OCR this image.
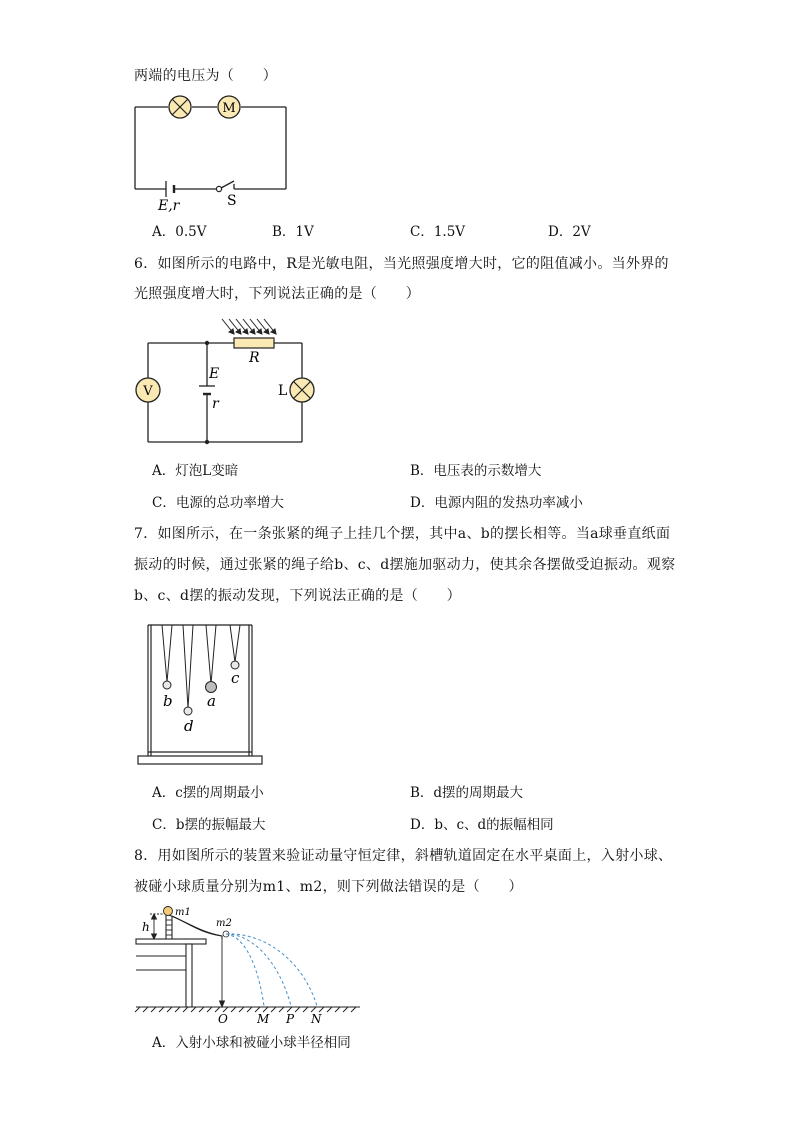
两端的电压为（　　）
M
E,r	S
A．0.5V	B．1V	C．1.5V	D．2V
6．如图所示的电路中，R是光敏电阻，当光照强度增大时，它的阻值减小。当外界的
光照强度增大时，下列说法正确的是（　　）
V
R
E
r
L
A．灯泡L变暗	B．电压表的示数增大
C．电源的总功率增大	D．电源内阻的发热功率减小
7．如图所示，在一条张紧的绳子上挂几个摆，其中a、b的摆长相等。当a球垂直纸面
振动的时候，通过张紧的绳子给b、c、d摆施加驱动力，使其余各摆做受迫振动。观察
b、c、d摆的振动发现，下列说法正确的是（　　）
b
d
a
c
A．c摆的周期最小	B．d摆的周期最大
C．b摆的振幅最大	D．b、c、d的振幅相同
8．用如图所示的装置来验证动量守恒定律，斜槽轨道固定在水平桌面上，入射小球、
被碰小球质量分别为m1、m2，则下列做法错误的是（　　）
h
m1
m2
O M P N
A．入射小球和被碰小球半径相同
